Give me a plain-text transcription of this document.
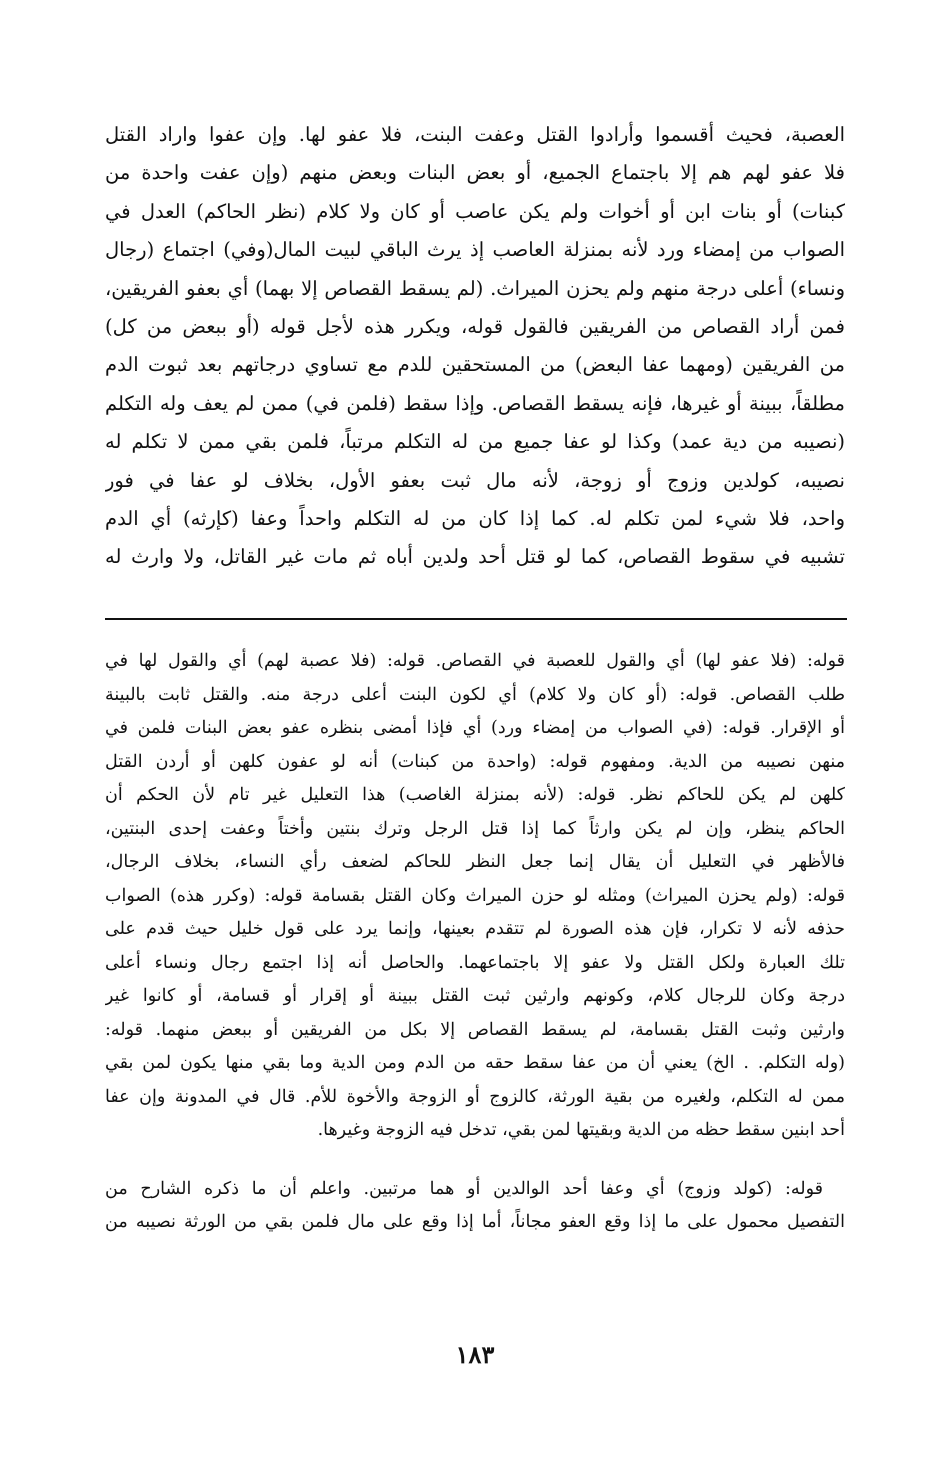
العصبة، فحيث أقسموا وأرادوا القتل وعفت البنت، فلا عفو لها. وإن عفوا واراد القتل
فلا عفو لهم هم إلا باجتماع الجميع، أو بعض البنات وبعض منهم (وإن عفت واحدة من
كبنات) أو بنات ابن أو أخوات ولم يكن عاصب أو كان ولا كلام (نظر الحاكم) العدل في
الصواب من إمضاء ورد لأنه بمنزلة العاصب إذ يرث الباقي لبيت المال(وفي) اجتماع (رجال
ونساء) أعلى درجة منهم ولم يحزن الميراث. (لم يسقط القصاص إلا بهما) أي بعفو الفريقين،
فمن أراد القصاص من الفريقين فالقول قوله، ويكرر هذه لأجل قوله (أو ببعض من كل)
من الفريقين (ومهما عفا البعض) من المستحقين للدم مع تساوي درجاتهم بعد ثبوت الدم
مطلقاً، ببينة أو غيرها، فإنه يسقط القصاص. وإذا سقط (فلمن في) ممن لم يعف وله التكلم
(نصيبه من دية عمد) وكذا لو عفا جميع من له التكلم مرتباً، فلمن بقي ممن لا تكلم له
نصيبه، كولدين وزوج أو زوجة، لأنه مال ثبت بعفو الأول، بخلاف لو عفا في فور
واحد، فلا شيء لمن تكلم له. كما إذا كان من له التكلم واحداً وعفا (كإرثه) أي الدم
تشبيه في سقوط القصاص، كما لو قتل أحد ولدين أباه ثم مات غير القاتل، ولا وارث له
قوله: (فلا عفو لها) أي والقول للعصبة في القصاص. قوله: (فلا عصبة لهم) أي والقول لها في
طلب القصاص. قوله: (أو كان ولا كلام) أي لكون البنت أعلى درجة منه. والقتل ثابت بالبينة
أو الإقرار. قوله: (في الصواب من إمضاء ورد) أي فإذا أمضى بنظره عفو بعض البنات فلمن في
منهن نصيبه من الدية. ومفهوم قوله: (واحدة من كبنات) أنه لو عفون كلهن أو أردن القتل
كلهن لم يكن للحاكم نظر. قوله: (لأنه بمنزلة الغاصب) هذا التعليل غير تام لأن الحكم أن
الحاكم ينظر، وإن لم يكن وارثاً كما إذا قتل الرجل وترك بنتين وأختاً وعفت إحدى البنتين،
فالأظهر في التعليل أن يقال إنما جعل النظر للحاكم لضعف رأي النساء، بخلاف الرجال،
قوله: (ولم يحزن الميراث) ومثله لو حزن الميراث وكان القتل بقسامة قوله: (وكرر هذه) الصواب
حذفه لأنه لا تكرار، فإن هذه الصورة لم تتقدم بعينها، وإنما يرد على قول خليل حيث قدم على
تلك العبارة ولكل القتل ولا عفو إلا باجتماعهما. والحاصل أنه إذا اجتمع رجال ونساء أعلى
درجة وكان للرجال كلام، وكونهم وارثين ثبت القتل ببينة أو إقرار أو قسامة، أو كانوا غير
وارثين وثبت القتل بقسامة، لم يسقط القصاص إلا بكل من الفريقين أو ببعض منهما. قوله:
(وله التكلم. . الخ) يعني أن من عفا سقط حقه من الدم ومن الدية وما بقي منها يكون لمن بقي
ممن له التكلم، ولغيره من بقية الورثة، كالزوج أو الزوجة والأخوة للأم. قال في المدونة وإن عفا
أحد ابنين سقط حظه من الدية وبقيتها لمن بقي، تدخل فيه الزوجة وغيرها.
قوله: (كولد وزوج) أي وعفا أحد الوالدين أو هما مرتبين. واعلم أن ما ذكره الشارح من
التفصيل محمول على ما إذا وقع العفو مجاناً، أما إذا وقع على مال فلمن بقي من الورثة نصيبه من
١٨٣
